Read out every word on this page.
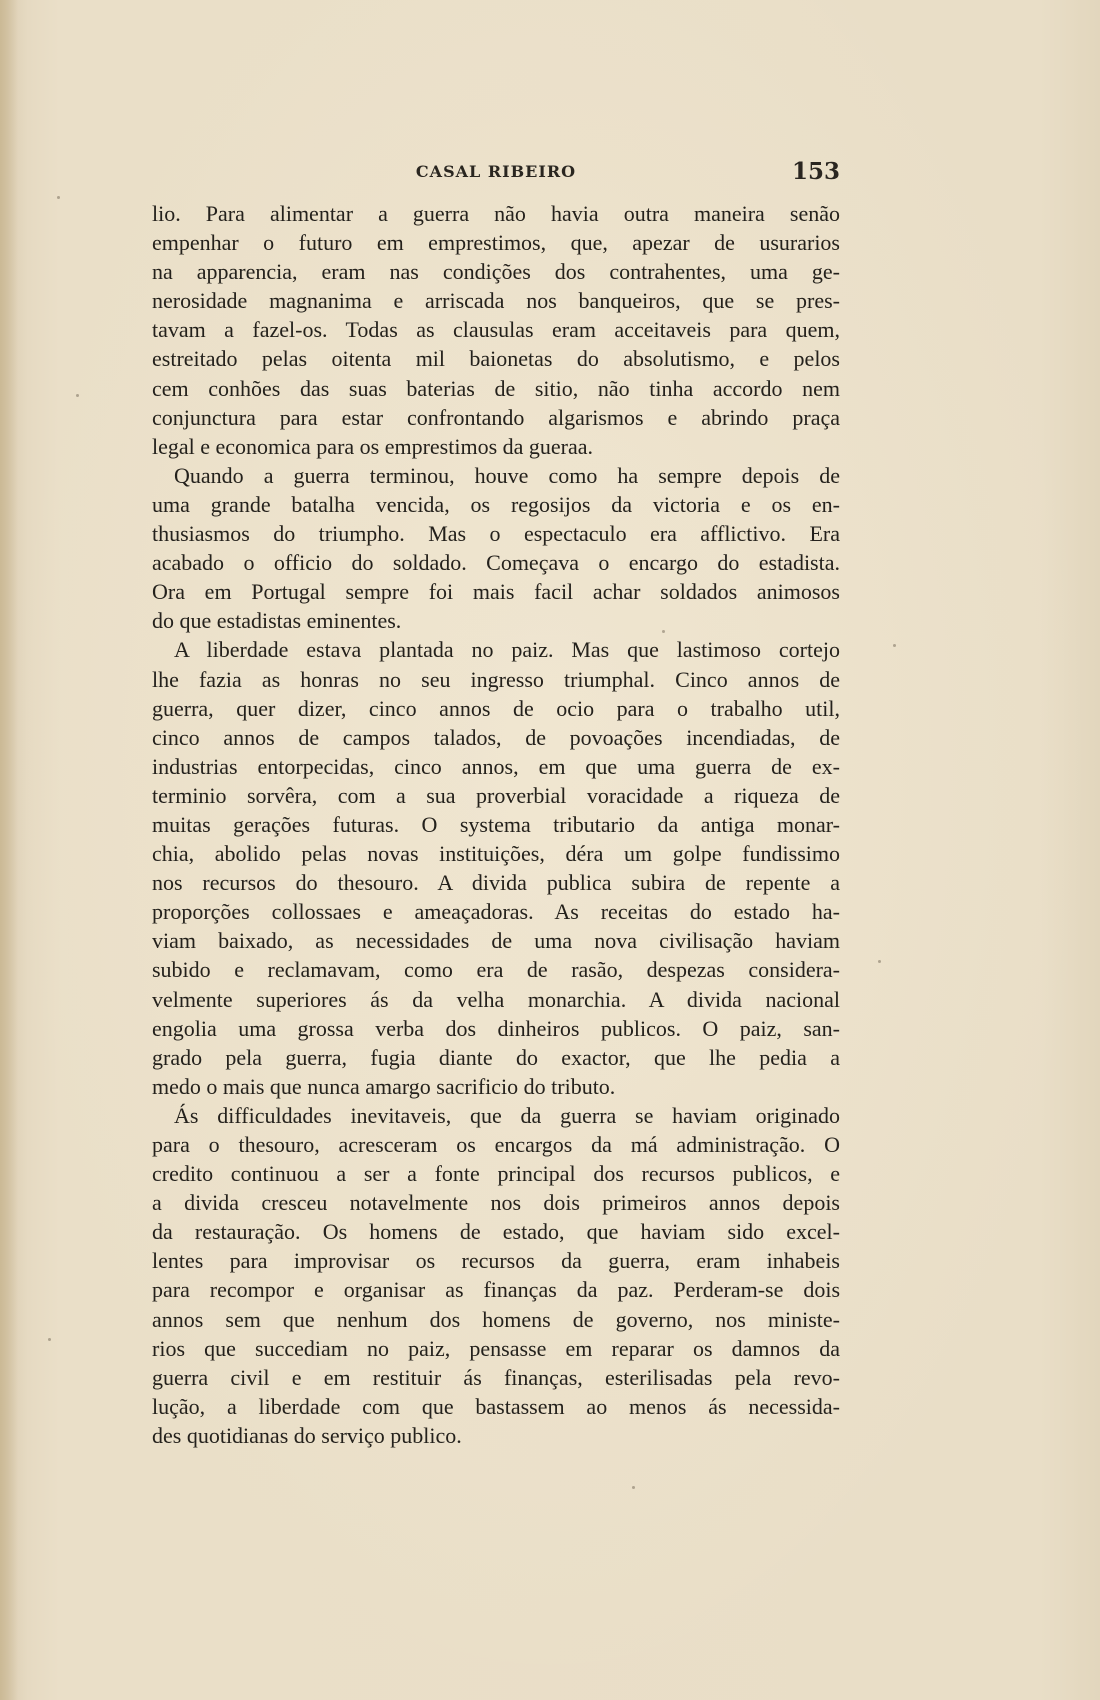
CASAL RIBEIRO	153
lio. Para alimentar a guerra não havia outra maneira senão
empenhar o futuro em emprestimos, que, apezar de usurarios
na apparencia, eram nas condições dos contrahentes, uma ge-
nerosidade magnanima e arriscada nos banqueiros, que se pres-
tavam a fazel-os. Todas as clausulas eram acceitaveis para quem,
estreitado pelas oitenta mil baionetas do absolutismo, e pelos
cem conhões das suas baterias de sitio, não tinha accordo nem
conjunctura para estar confrontando algarismos e abrindo praça
legal e economica para os emprestimos da gueraa.
Quando a guerra terminou, houve como ha sempre depois de
uma grande batalha vencida, os regosijos da victoria e os en-
thusiasmos do triumpho. Mas o espectaculo era afflictivo. Era
acabado o officio do soldado. Começava o encargo do estadista.
Ora em Portugal sempre foi mais facil achar soldados animosos
do que estadistas eminentes.
A liberdade estava plantada no paiz. Mas que lastimoso cortejo
lhe fazia as honras no seu ingresso triumphal. Cinco annos de
guerra, quer dizer, cinco annos de ocio para o trabalho util,
cinco annos de campos talados, de povoações incendiadas, de
industrias entorpecidas, cinco annos, em que uma guerra de ex-
terminio sorvêra, com a sua proverbial voracidade a riqueza de
muitas gerações futuras. O systema tributario da antiga monar-
chia, abolido pelas novas instituições, déra um golpe fundissimo
nos recursos do thesouro. A divida publica subira de repente a
proporções collossaes e ameaçadoras. As receitas do estado ha-
viam baixado, as necessidades de uma nova civilisação haviam
subido e reclamavam, como era de rasão, despezas considera-
velmente superiores ás da velha monarchia. A divida nacional
engolia uma grossa verba dos dinheiros publicos. O paiz, san-
grado pela guerra, fugia diante do exactor, que lhe pedia a
medo o mais que nunca amargo sacrificio do tributo.
Ás difficuldades inevitaveis, que da guerra se haviam originado
para o thesouro, acresceram os encargos da má administração. O
credito continuou a ser a fonte principal dos recursos publicos, e
a divida cresceu notavelmente nos dois primeiros annos depois
da restauração. Os homens de estado, que haviam sido excel-
lentes para improvisar os recursos da guerra, eram inhabeis
para recompor e organisar as finanças da paz. Perderam-se dois
annos sem que nenhum dos homens de governo, nos ministe-
rios que succediam no paiz, pensasse em reparar os damnos da
guerra civil e em restituir ás finanças, esterilisadas pela revo-
lução, a liberdade com que bastassem ao menos ás necessida-
des quotidianas do serviço publico.
